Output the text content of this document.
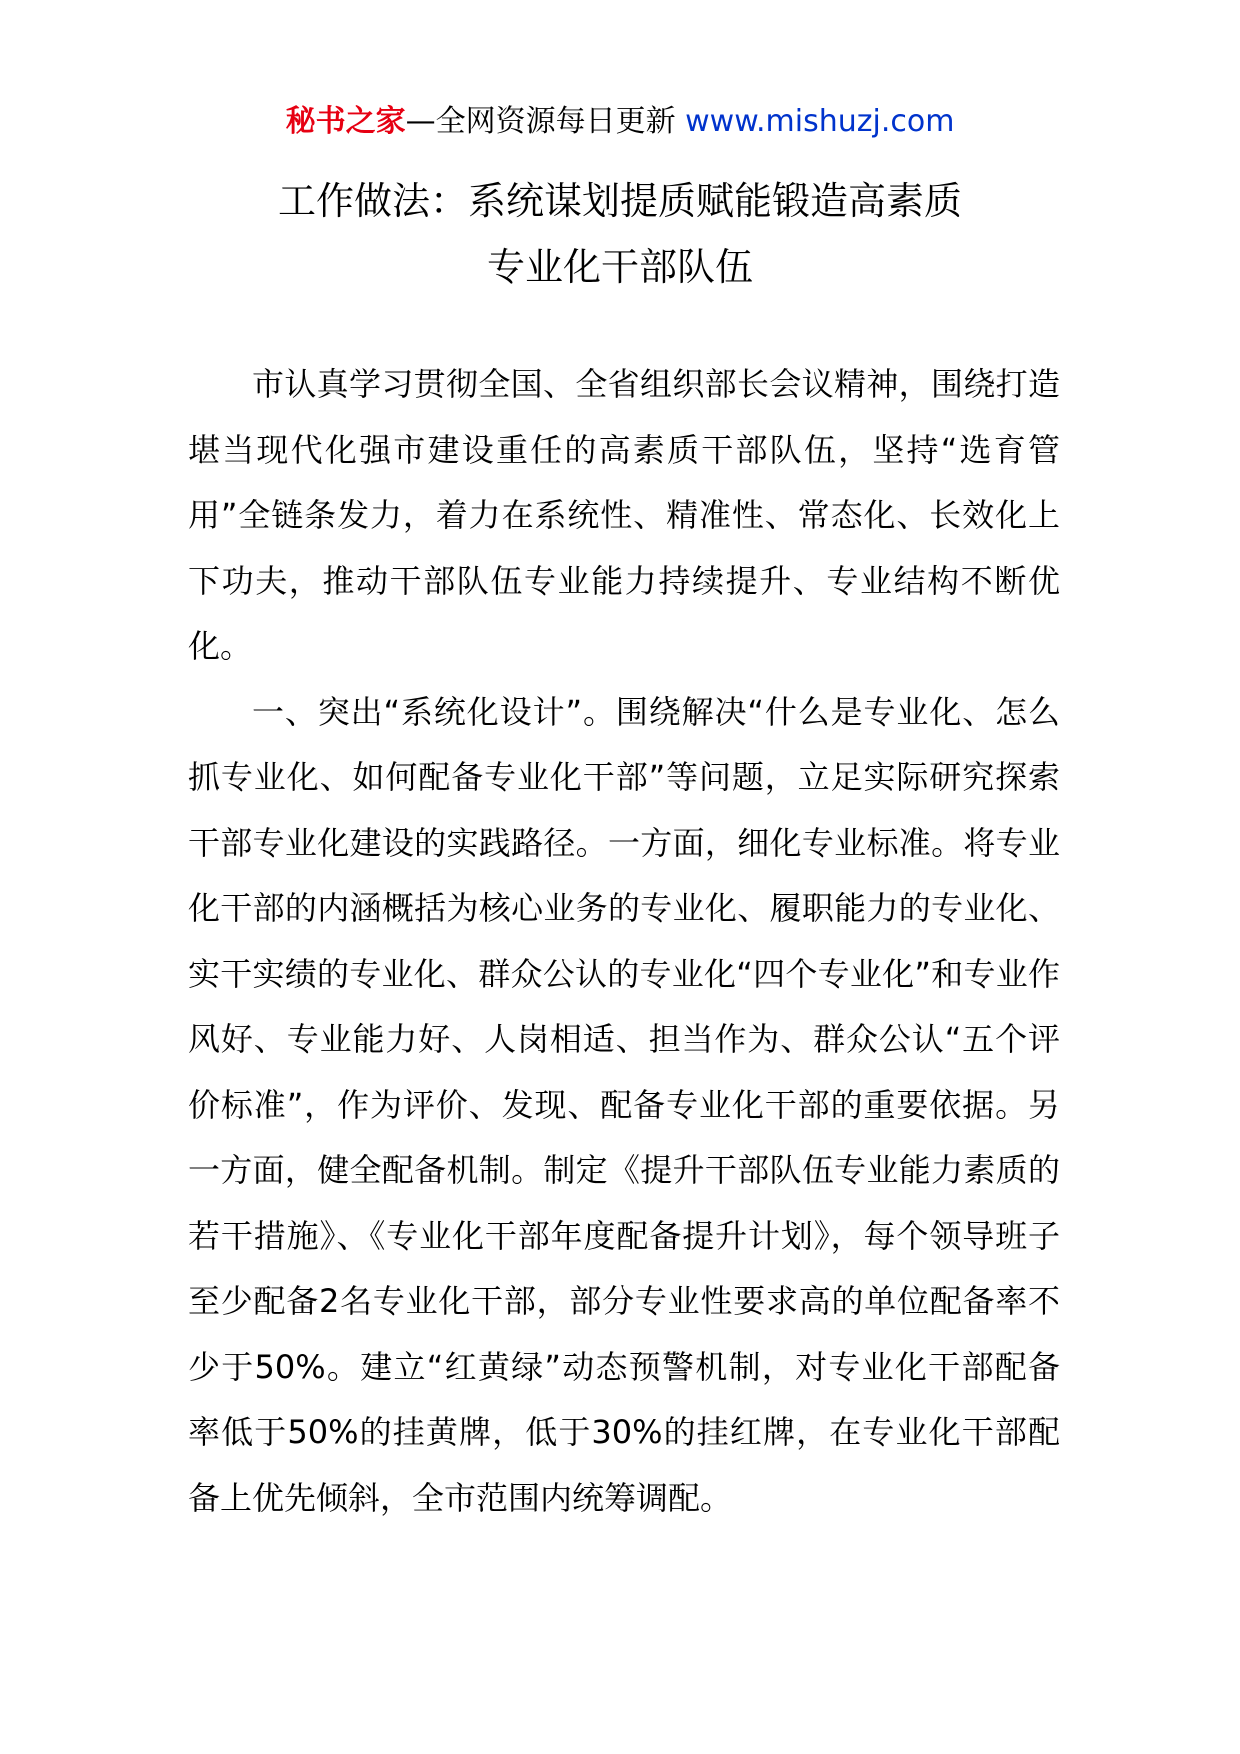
秘书之家—全网资源每日更新 www.mishuzj.com
工作做法：系统谋划提质赋能锻造高素质
专业化干部队伍

市认真学习贯彻全国、全省组织部长会议精神，围绕打造堪当现代化强市建设重任的高素质干部队伍，坚持“选育管用”全链条发力，着力在系统性、精准性、常态化、长效化上下功夫，推动干部队伍专业能力持续提升、专业结构不断优化。

一、突出“系统化设计”。围绕解决“什么是专业化、怎么抓专业化、如何配备专业化干部”等问题，立足实际研究探索干部专业化建设的实践路径。一方面，细化专业标准。将专业化干部的内涵概括为核心业务的专业化、履职能力的专业化、实干实绩的专业化、群众公认的专业化“四个专业化”和专业作风好、专业能力好、人岗相适、担当作为、群众公认“五个评价标准”，作为评价、发现、配备专业化干部的重要依据。另一方面，健全配备机制。制定《提升干部队伍专业能力素质的若干措施》、《专业化干部年度配备提升计划》，每个领导班子至少配备2名专业化干部，部分专业性要求高的单位配备率不少于50%。建立“红黄绿”动态预警机制，对专业化干部配备率低于50%的挂黄牌，低于30%的挂红牌，在专业化干部配备上优先倾斜，全市范围内统筹调配。
